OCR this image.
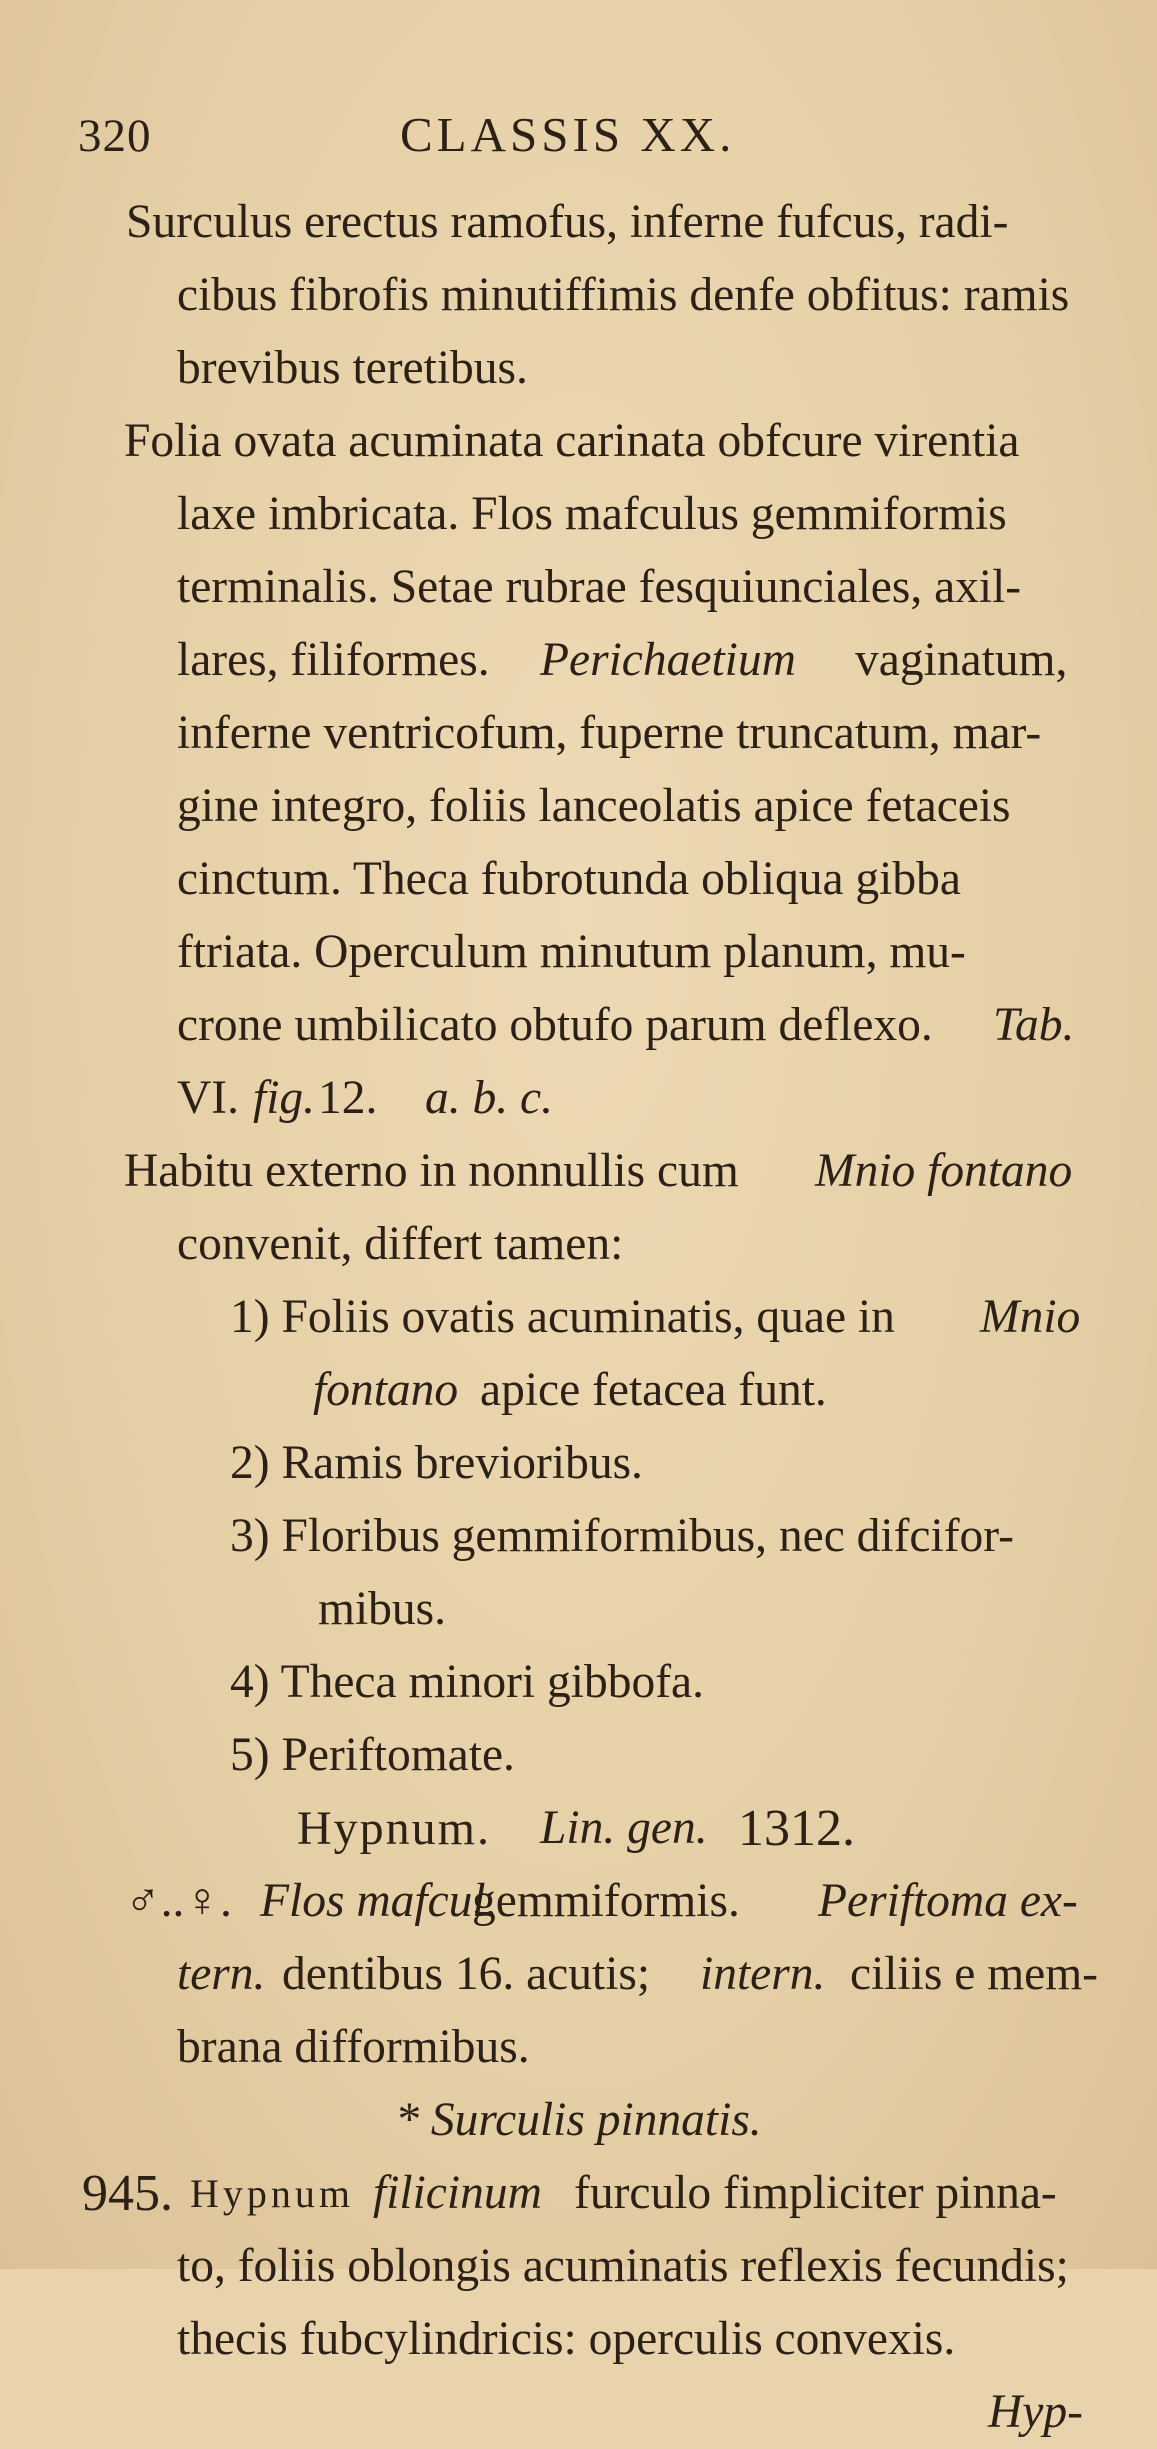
320	CLASSIS XX.
Surculus erectus ramofus, inferne fufcus, radi-
cibus fibrofis minutiffimis denfe obfitus: ramis
brevibus teretibus.
Folia ovata acuminata carinata obfcure virentia
laxe imbricata. Flos mafculus gemmiformis
terminalis. Setae rubrae fesquiunciales, axil-
lares, filiformes. Perichaetium vaginatum,
inferne ventricofum, fuperne truncatum, mar-
gine integro, foliis lanceolatis apice fetaceis
cinctum. Theca fubrotunda obliqua gibba
ftriata. Operculum minutum planum, mu-
crone umbilicato obtufo parum deflexo. Tab.
VI. fig. 12. a. b. c.
Habitu externo in nonnullis cum Mnio fontano
convenit, differt tamen:
1) Foliis ovatis acuminatis, quae in Mnio
fontano apice fetacea funt.
2) Ramis brevioribus.
3) Floribus gemmiformibus, nec difcifor-
mibus.
4) Theca minori gibbofa.
5) Periftomate.
Hypnum. Lin. gen. 1312.
♂..♀. Flos mafcul.
gemmiformis. Periftoma ex-
tern. dentibus 16. acutis; intern. ciliis e mem-
brana difformibus.
* Surculis pinnatis.
945. Hypnum filicinum furculo fimpliciter pinna-
to, foliis oblongis acuminatis reflexis fecundis;
thecis fubcylindricis: operculis convexis.
Hyp-
